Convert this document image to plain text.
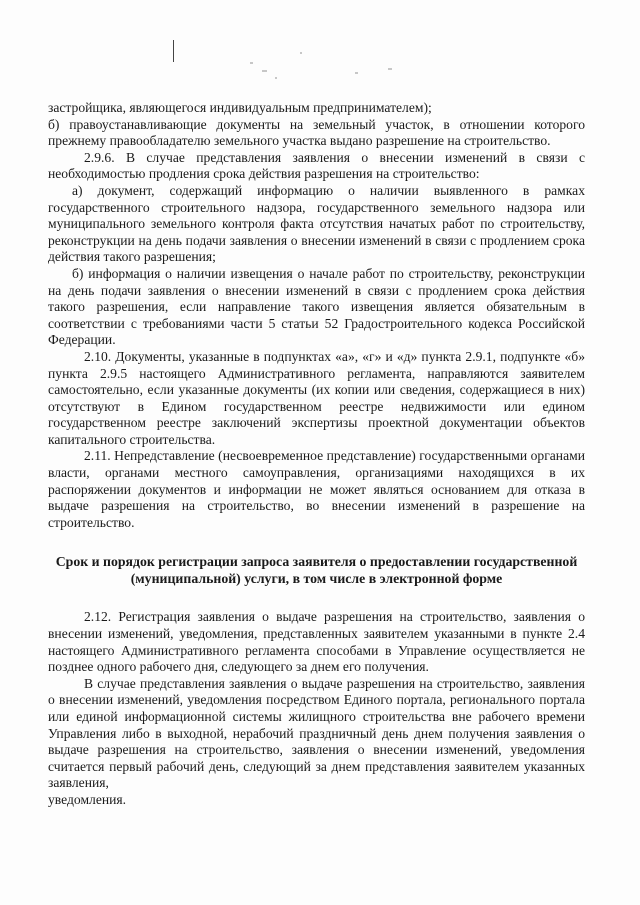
застройщика, являющегося индивидуальным предпринимателем);

б) правоустанавливающие документы на земельный участок, в отношении которого прежнему правообладателю земельного участка выдано разрешение на строительство.

2.9.6. В случае представления заявления о внесении изменений в связи с необходимостью продления срока действия разрешения на строительство:

а) документ, содержащий информацию о наличии выявленного в рамках государственного строительного надзора, государственного земельного надзора или муниципального земельного контроля факта отсутствия начатых работ по строительству, реконструкции на день подачи заявления о внесении изменений в связи с продлением срока действия такого разрешения;

б) информация о наличии извещения о начале работ по строительству, реконструкции на день подачи заявления о внесении изменений в связи с продлением срока действия такого разрешения, если направление такого извещения является обязательным в соответствии с требованиями части 5 статьи 52 Градостроительного кодекса Российской Федерации.

2.10. Документы, указанные в подпунктах «а», «г» и «д» пункта 2.9.1, подпункте «б» пункта 2.9.5 настоящего Административного регламента, направляются заявителем самостоятельно, если указанные документы (их копии или сведения, содержащиеся в них) отсутствуют в Едином государственном реестре недвижимости или едином государственном реестре заключений экспертизы проектной документации объектов капитального строительства.

2.11. Непредставление (несвоевременное представление) государственными органами власти, органами местного самоуправления, организациями находящихся в их распоряжении документов и информации не может являться основанием для отказа в выдаче разрешения на строительство, во внесении изменений в разрешение на строительство.

Срок и порядок регистрации запроса заявителя о предоставлении государственной (муниципальной) услуги, в том числе в электронной форме

2.12. Регистрация заявления о выдаче разрешения на строительство, заявления о внесении изменений, уведомления, представленных заявителем указанными в пункте 2.4 настоящего Административного регламента способами в Управление осуществляется не позднее одного рабочего дня, следующего за днем его получения.

В случае представления заявления о выдаче разрешения на строительство, заявления о внесении изменений, уведомления посредством Единого портала, регионального портала или единой информационной системы жилищного строительства вне рабочего времени Управления либо в выходной, нерабочий праздничный день днем получения заявления о выдаче разрешения на строительство, заявления о внесении изменений, уведомления считается первый рабочий день, следующий за днем представления заявителем указанных заявления,

уведомления.
